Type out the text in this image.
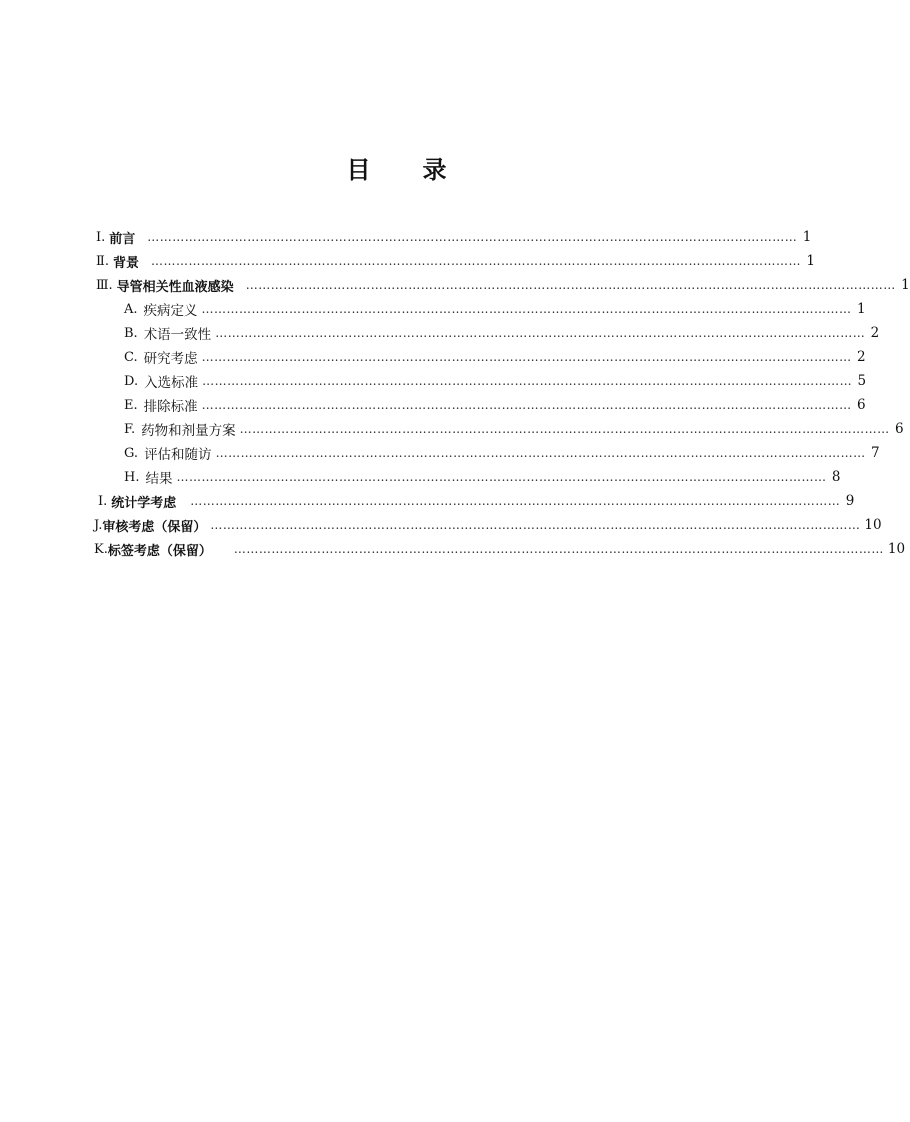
目 录
Ⅰ. 前言 ………………………………………………………………………………………………………………………………………… 1
Ⅱ. 背景 ………………………………………………………………………………………………………………………………………… 1
Ⅲ. 导管相关性血液感染 ………………………………………………………………………………………………………………………………………… 1
A. 疾病定义 ………………………………………………………………………………………………………………………………………… 1
B. 术语一致性 ………………………………………………………………………………………………………………………………………… 2
C. 研究考虑 ………………………………………………………………………………………………………………………………………… 2
D. 入选标准 ………………………………………………………………………………………………………………………………………… 5
E. 排除标准 ………………………………………………………………………………………………………………………………………… 6
F. 药物和剂量方案 ………………………………………………………………………………………………………………………………………… 6
G. 评估和随访 ………………………………………………………………………………………………………………………………………… 7
H. 结果 ………………………………………………………………………………………………………………………………………… 8
Ⅰ. 统计学考虑 ………………………………………………………………………………………………………………………………………… 9
J. 审核考虑（保留） ………………………………………………………………………………………………………………………………………… 10
K. 标签考虑（保留） ………………………………………………………………………………………………………………………………………… 10
